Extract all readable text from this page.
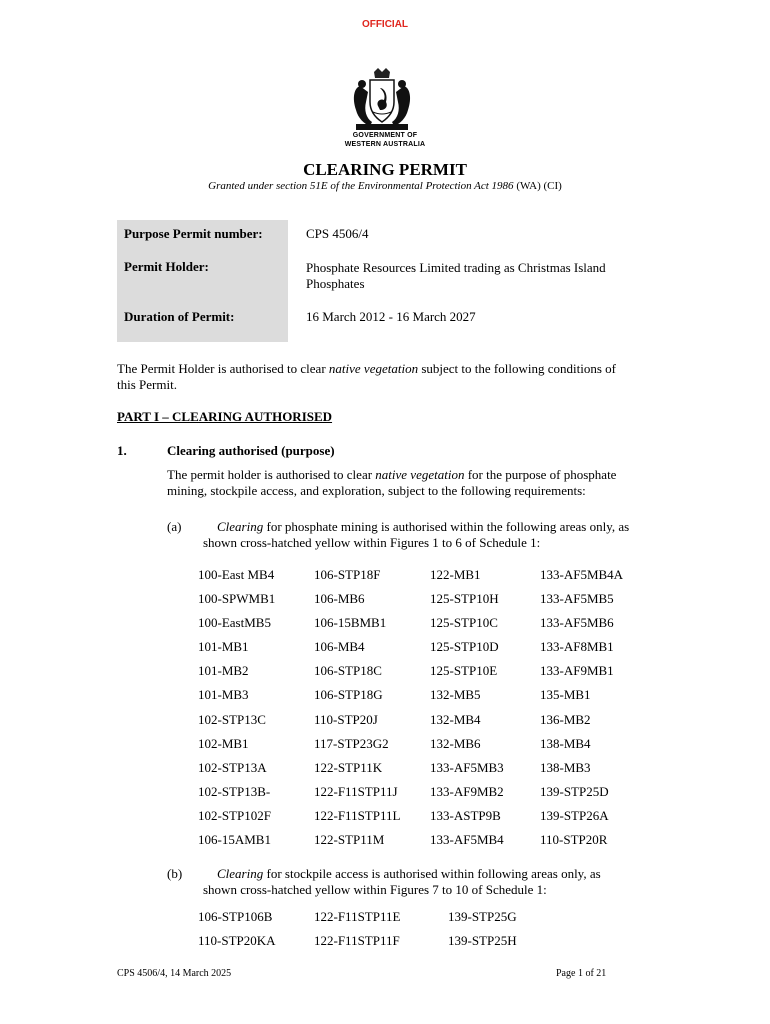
OFFICIAL
GOVERNMENT OF
WESTERN AUSTRALIA
CLEARING PERMIT
Granted under section 51E of the Environmental Protection Act 1986 (WA) (CI)
Purpose Permit number:	CPS 4506/4
Permit Holder:	Phosphate Resources Limited trading as Christmas Island
Phosphates
Duration of Permit:	16 March 2012 - 16 March 2027
The Permit Holder is authorised to clear native vegetation subject to the following conditions of
this Permit.
PART I – CLEARING AUTHORISED
1.	Clearing authorised (purpose)
The permit holder is authorised to clear native vegetation for the purpose of phosphate
mining, stockpile access, and exploration, subject to the following requirements:
(a)	Clearing for phosphate mining is authorised within the following areas only, as
shown cross-hatched yellow within Figures 1 to 6 of Schedule 1:
100-East MB4	106-STP18F	122-MB1	133-AF5MB4A
100-SPWMB1	106-MB6	125-STP10H	133-AF5MB5
100-EastMB5	106-15BMB1	125-STP10C	133-AF5MB6
101-MB1	106-MB4	125-STP10D	133-AF8MB1
101-MB2	106-STP18C	125-STP10E	133-AF9MB1
101-MB3	106-STP18G	132-MB5	135-MB1
102-STP13C	110-STP20J	132-MB4	136-MB2
102-MB1	117-STP23G2	132-MB6	138-MB4
102-STP13A	122-STP11K	133-AF5MB3	138-MB3
102-STP13B-	122-F11STP11J	133-AF9MB2	139-STP25D
102-STP102F	122-F11STP11L	133-ASTP9B	139-STP26A
106-15AMB1	122-STP11M	133-AF5MB4	110-STP20R
(b)	Clearing for stockpile access is authorised within following areas only, as
shown cross-hatched yellow within Figures 7 to 10 of Schedule 1:
106-STP106B	122-F11STP11E	139-STP25G
110-STP20KA	122-F11STP11F	139-STP25H
CPS 4506/4, 14 March 2025	Page 1 of 21
